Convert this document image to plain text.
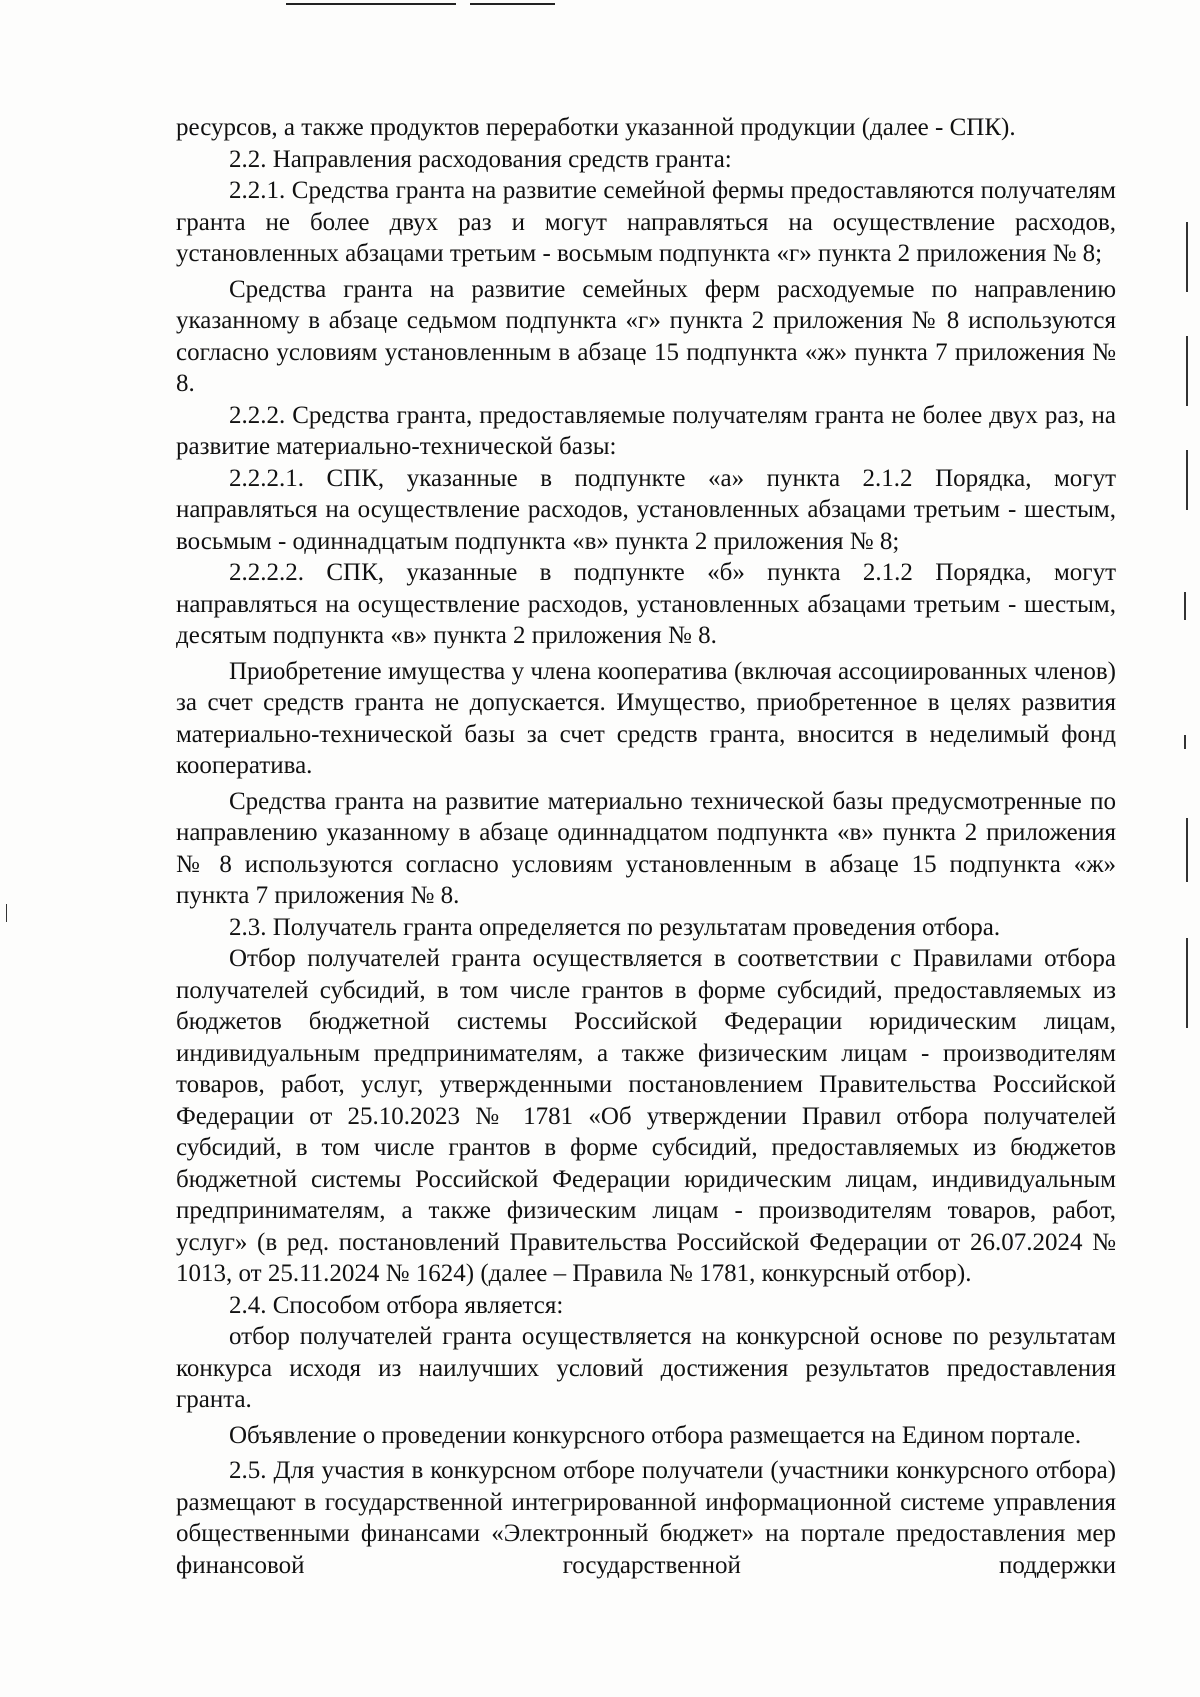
ресурсов, а также продуктов переработки указанной продукции (далее - СПК).

2.2. Направления расходования средств гранта:

2.2.1. Средства гранта на развитие семейной фермы предоставляются получателям гранта не более двух раз и могут направляться на осуществление расходов, установленных абзацами третьим - восьмым подпункта «г» пункта 2 приложения № 8;

Средства гранта на развитие семейных ферм расходуемые по направлению указанному в абзаце седьмом подпункта «г» пункта 2 приложения № 8 используются согласно условиям установленным в абзаце 15 подпункта «ж» пункта 7 приложения № 8.

2.2.2. Средства гранта, предоставляемые получателям гранта не более двух раз, на развитие материально-технической базы:

2.2.2.1. СПК, указанные в подпункте «а» пункта 2.1.2 Порядка, могут направляться на осуществление расходов, установленных абзацами третьим - шестым, восьмым - одиннадцатым подпункта «в» пункта 2 приложения № 8;

2.2.2.2. СПК, указанные в подпункте «б» пункта 2.1.2 Порядка, могут направляться на осуществление расходов, установленных абзацами третьим - шестым, десятым подпункта «в» пункта 2 приложения № 8.

Приобретение имущества у члена кооператива (включая ассоциированных членов) за счет средств гранта не допускается. Имущество, приобретенное в целях развития материально-технической базы за счет средств гранта, вносится в неделимый фонд кооператива.

Средства гранта на развитие материально технической базы предусмотренные по направлению указанному в абзаце одиннадцатом подпункта «в» пункта 2 приложения № 8 используются согласно условиям установленным в абзаце 15 подпункта «ж» пункта 7 приложения № 8.

2.3. Получатель гранта определяется по результатам проведения отбора.

Отбор получателей гранта осуществляется в соответствии с Правилами отбора получателей субсидий, в том числе грантов в форме субсидий, предоставляемых из бюджетов бюджетной системы Российской Федерации юридическим лицам, индивидуальным предпринимателям, а также физическим лицам - производителям товаров, работ, услуг, утвержденными постановлением Правительства Российской Федерации от 25.10.2023 № 1781 «Об утверждении Правил отбора получателей субсидий, в том числе грантов в форме субсидий, предоставляемых из бюджетов бюджетной системы Российской Федерации юридическим лицам, индивидуальным предпринимателям, а также физическим лицам - производителям товаров, работ, услуг» (в ред. постановлений Правительства Российской Федерации от 26.07.2024 № 1013, от 25.11.2024 № 1624) (далее – Правила № 1781, конкурсный отбор).

2.4. Способом отбора является:

отбор получателей гранта осуществляется на конкурсной основе по результатам конкурса исходя из наилучших условий достижения результатов предоставления гранта.

Объявление о проведении конкурсного отбора размещается на Едином портале.

2.5. Для участия в конкурсном отборе получатели (участники конкурсного отбора) размещают в государственной интегрированной информационной системе управления общественными финансами «Электронный бюджет» на портале предоставления мер финансовой государственной поддержки
